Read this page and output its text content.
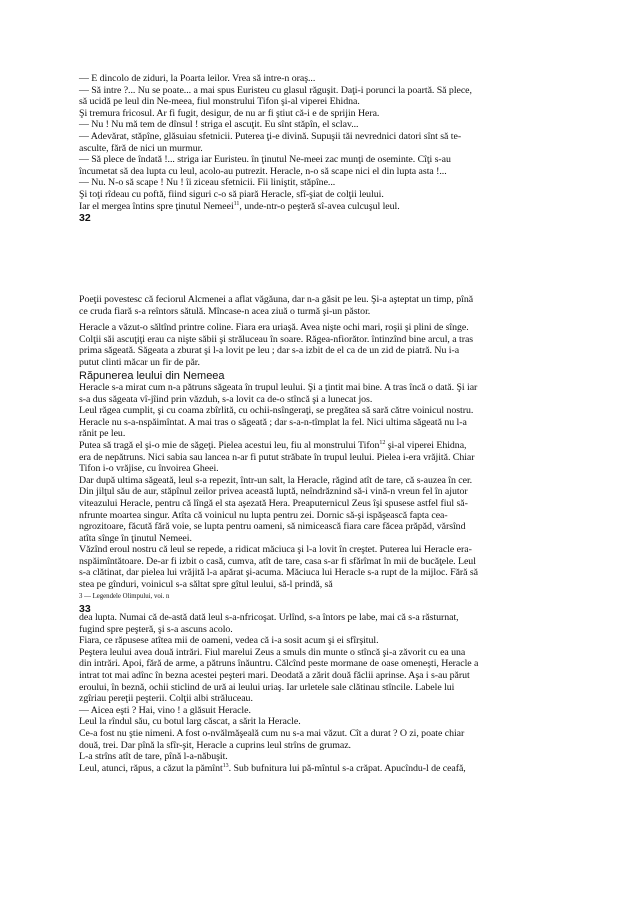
— E dincolo de ziduri, la Poarta leilor. Vrea să intre-n oraş...

— Să intre ?... Nu se poate... a mai spus Euristeu cu glasul răguşit. Daţi-i porunci la poartă. Să plece,

să ucidă pe leul din Ne-meea, fiul monstrului Tifon şi-al viperei Ehidna.

Şi tremura fricosul. Ar fi fugit, desigur, de nu ar fi ştiut că-i e de sprijin Hera.

— Nu ! Nu mă tem de dînsul ! striga el ascuţit. Eu sînt stăpîn, el sclav...

— Adevărat, stăpîne, glăsuiau sfetnicii. Puterea ţi-e divină. Supuşii tăi nevrednici datori sînt să te-

asculte, fără de nici un murmur.

— Să plece de îndată !... striga iar Euristeu. în ţinutul Ne-meei zac munţi de oseminte. Cîţi s-au

încumetat să dea lupta cu leul, acolo-au putrezit. Heracle, n-o să scape nici el din lupta asta !...

— Nu. N-o să scape ! Nu ! îi ziceau sfetnicii. Fii liniştit, stăpîne...

Şi toţi rîdeau cu poftă, fiind siguri c-o să piară Heracle, sfî-şiat de colţii leului.

Iar el mergea întins spre ţinutul Nemeei$^{11}$, unde-ntr-o peşteră sî-avea culcuşul leul.

32

Poeţii povestesc că feciorul Alcmenei a aflat văgăuna, dar n-a găsit pe leu. Şi-a aşteptat un timp, pînă

ce cruda fiară s-a reîntors sătulă. Mîncase-n acea ziuă o turmă şi-un păstor.

Heracle a văzut-o săltînd printre coline. Fiara era uriaşă. Avea nişte ochi mari, roşii şi plini de sînge.

Colţii săi ascuţiţi erau ca nişte săbii şi străluceau în soare. Răgea-nfiorător. întinzînd bine arcul, a tras

prima săgeată. Săgeata a zburat şi l-a lovit pe leu ; dar s-a izbit de el ca de un zid de piatră. Nu i-a

putut clinti măcar un fir de păr.

Răpunerea leului din Nemeea

Heracle s-a mirat cum n-a pătruns săgeata în trupul leului. Şi a ţintit mai bine. A tras încă o dată. Şi iar

s-a dus săgeata vî-jîind prin văzduh, s-a lovit ca de-o stîncă şi a lunecat jos.

Leul răgea cumplit, şi cu coama zbîrlită, cu ochii-nsîngeraţi, se pregătea să sară către voinicul nostru.

Heracle nu s-a-nspăimîntat. A mai tras o săgeată ; dar s-a-n-tîmplat la fel. Nici ultima săgeată nu l-a

rănit pe leu.

Putea să tragă el şi-o mie de săgeţi. Pielea acestui leu, fiu al monstrului Tifon$^{12}$ şi-al viperei Ehidna,

era de nepătruns. Nici sabia sau lancea n-ar fi putut străbate în trupul leului. Pielea i-era vrăjită. Chiar

Tifon i-o vrăjise, cu învoirea Gheei.

Dar după ultima săgeată, leul s-a repezit, într-un salt, la Heracle, răgind atît de tare, că s-auzea în cer.

Din jilţul său de aur, stăpînul zeilor privea această luptă, neîndrăznind să-i vină-n vreun fel în ajutor

viteazului Heracle, pentru că lîngă el sta aşezată Hera. Preaputernicul Zeus îşi spusese astfel fiul să-

nfrunte moartea singur. Atîta că voinicul nu lupta pentru zei. Dornic să-şi ispăşească fapta cea-

ngrozitoare, făcută fără voie, se lupta pentru oameni, să nimicească fiara care făcea prăpăd, vărsînd

atîta sînge în ţinutul Nemeei.

Văzînd eroul nostru că leul se repede, a ridicat măciuca şi l-a lovit în creştet. Puterea lui Heracle era-

nspăimîntătoare. De-ar fi izbit o casă, cumva, atît de tare, casa s-ar fi sfărîmat în mii de bucăţele. Leul

s-a clătinat, dar pielea lui vrăjită l-a apărat şi-acuma. Măciuca lui Heracle s-a rupt de la mijloc. Fără să

stea pe gînduri, voinicul s-a săltat spre gîtul leului, să-l prindă, să

3 — Legendele Olimpului, voi. n

33

dea lupta. Numai că de-astă dată leul s-a-nfricoşat. Urlînd, s-a întors pe labe, mai că s-a răsturnat,

fugind spre peşteră, şi s-a ascuns acolo.

Fiara, ce răpusese atîtea mii de oameni, vedea că i-a sosit acum şi ei sfîrşitul.

Peştera leului avea două intrări. Fiul marelui Zeus a smuls din munte o stîncă şi-a zăvorit cu ea una

din intrări. Apoi, fără de arme, a pătruns înăuntru. Călcînd peste mormane de oase omeneşti, Heracle a

intrat tot mai adînc în bezna acestei peşteri mari. Deodată a zărit două făclii aprinse. Aşa i s-au părut

eroului, în beznă, ochii sticlind de ură ai leului uriaş. Iar urletele sale clătinau stîncile. Labele lui

zgîriau pereţii peşterii. Colţii albi străluceau.

— Aicea eşti ? Hai, vino ! a glăsuit Heracle.

Leul la rîndul său, cu botul larg căscat, a sărit la Heracle.

Ce-a fost nu ştie nimeni. A fost o-nvălmăşeală cum nu s-a mai văzut. Cît a durat ? O zi, poate chiar

două, trei. Dar pînă la sfîr-şit, Heracle a cuprins leul strîns de grumaz.

L-a strîns atît de tare, pînă l-a-năbuşit.

Leul, atunci, răpus, a căzut la pămînt$^{13}$. Sub bufnitura lui pă-mîntul s-a crăpat. Apucîndu-l de ceafă,
